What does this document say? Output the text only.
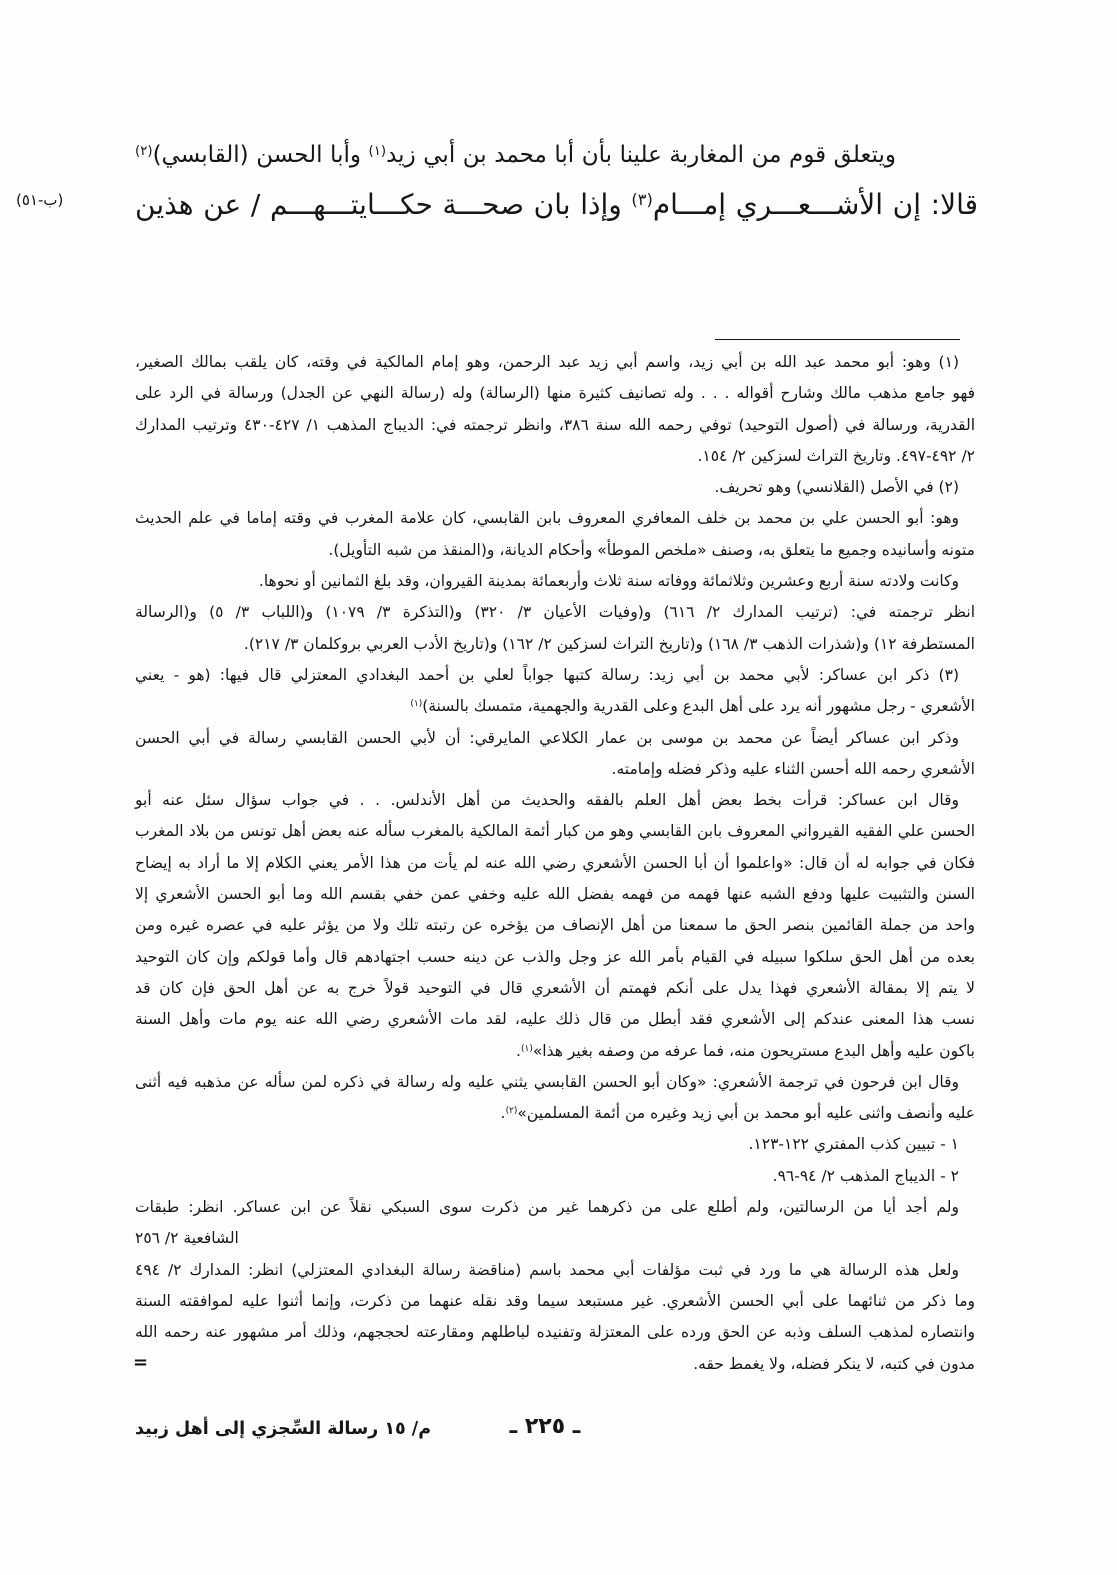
ويتعلق قوم من المغاربة علينا بأن أبا محمد بن أبي زيد$^{(١)}$ وأبا الحسن (القابسي)$^{(٢)}$
قالا: إن الأشـــعـــري إمـــام$^{(٣)}$ وإذا بان صحـــة حكـــايتـــهـــم / عن هذين
(٥١-ب)
(١) وهو: أبو محمد عبد الله بن أبي زيد، واسم أبي زيد عبد الرحمن، وهو إمام المالكية في وقته، كان يلقب بمالك الصغير،
فهو جامع مذهب مالك وشارح أقواله . . . وله تصانيف كثيرة منها (الرسالة) وله (رسالة النهي عن الجدل) ورسالة في الرد على
القدرية، ورسالة في (أصول التوحيد) توفي رحمه الله سنة ٣٨٦، وانظر ترجمته في: الديباج المذهب ١/ ٤٢٧-٤٣٠ وترتيب المدارك
٢/ ٤٩٢-٤٩٧. وتاريخ التراث لسزكين ٢/ ١٥٤.
(٢) في الأصل (القلانسي) وهو تحريف.
وهو: أبو الحسن علي بن محمد بن خلف المعافري المعروف بابن القابسي، كان علامة المغرب في وقته إماما في علم الحديث
متونه وأسانيده وجميع ما يتعلق به، وصنف «ملخص الموطأ» وأحكام الديانة، و(المنقذ من شبه التأويل).
وكانت ولادته سنة أربع وعشرين وثلاثمائة ووفاته سنة ثلاث وأربعمائة بمدينة القيروان، وقد بلغ الثمانين أو نحوها.
انظر ترجمته في: (ترتيب المدارك ٢/ ٦١٦) و(وفيات الأعيان ٣/ ٣٢٠) و(التذكرة ٣/ ١٠٧٩) و(اللباب ٣/ ٥) و(الرسالة
المستطرفة ١٢) و(شذرات الذهب ٣/ ١٦٨) و(تاريخ التراث لسزكين ٢/ ١٦٢) و(تاريخ الأدب العربي بروكلمان ٣/ ٢١٧).
(٣) ذكر ابن عساكر: لأبي محمد بن أبي زيد: رسالة كتبها جواباً لعلي بن أحمد البغدادي المعتزلي قال فيها: (هو - يعني
الأشعري - رجل مشهور أنه يرد على أهل البدع وعلى القدرية والجهمية، متمسك بالسنة)$^{(١)}$
وذكر ابن عساكر أيضاً عن محمد بن موسى بن عمار الكلاعي المايرقي: أن لأبي الحسن القابسي رسالة في أبي الحسن
الأشعري رحمه الله أحسن الثناء عليه وذكر فضله وإمامته.
وقال ابن عساكر: قرأت بخط بعض أهل العلم بالفقه والحديث من أهل الأندلس. . . في جواب سؤال سئل عنه أبو
الحسن علي الفقيه القيرواني المعروف بابن القابسي وهو من كبار أئمة المالكية بالمغرب سأله عنه بعض أهل تونس من بلاد المغرب
فكان في جوابه له أن قال: «واعلموا أن أبا الحسن الأشعري رضي الله عنه لم يأت من هذا الأمر يعني الكلام إلا ما أراد به إيضاح
السنن والتثبيت عليها ودفع الشبه عنها فهمه من فهمه بفضل الله عليه وخفي عمن خفي بقسم الله وما أبو الحسن الأشعري إلا
واحد من جملة القائمين بنصر الحق ما سمعنا من أهل الإنصاف من يؤخره عن رتبته تلك ولا من يؤثر عليه في عصره غيره ومن
بعده من أهل الحق سلكوا سبيله في القيام بأمر الله عز وجل والذب عن دينه حسب اجتهادهم قال وأما قولكم وإن كان التوحيد
لا يتم إلا بمقالة الأشعري فهذا يدل على أنكم فهمتم أن الأشعري قال في التوحيد قولاً خرج به عن أهل الحق فإن كان قد
نسب هذا المعنى عندكم إلى الأشعري فقد أبطل من قال ذلك عليه، لقد مات الأشعري رضي الله عنه يوم مات وأهل السنة
باكون عليه وأهل البدع مستريحون منه، فما عرفه من وصفه بغير هذا»$^{(١)}$.
وقال ابن فرحون في ترجمة الأشعري: «وكان أبو الحسن القابسي يثني عليه وله رسالة في ذكره لمن سأله عن مذهبه فيه أثنى
عليه وأنصف واثنى عليه أبو محمد بن أبي زيد وغيره من أئمة المسلمين»$^{(٢)}$.
١ - تبيين كذب المفتري ١٢٢-١٢٣.
٢ - الديباج المذهب ٢/ ٩٤-٩٦.
ولم أجد أيا من الرسالتين، ولم أطلع على من ذكرهما غير من ذكرت سوى السبكي نقلاً عن ابن عساكر. انظر: طبقات
الشافعية ٢/ ٢٥٦
ولعل هذه الرسالة هي ما ورد في ثبت مؤلفات أبي محمد باسم (مناقضة رسالة البغدادي المعتزلي) انظر: المدارك ٢/ ٤٩٤
وما ذكر من ثنائهما على أبي الحسن الأشعري. غير مستبعد سيما وقد نقله عنهما من ذكرت، وإنما أثنوا عليه لموافقته السنة
وانتصاره لمذهب السلف وذبه عن الحق ورده على المعتزلة وتفنيده لباطلهم ومقارعته لحججهم، وذلك أمر مشهور عنه رحمه الله
مدون في كتبه، لا ينكر فضله، ولا يغمط حقه.
=
ـ ٢٢٥ ـ
م/ ١٥ رسالة السِّجزي إلى أهل زبيد
